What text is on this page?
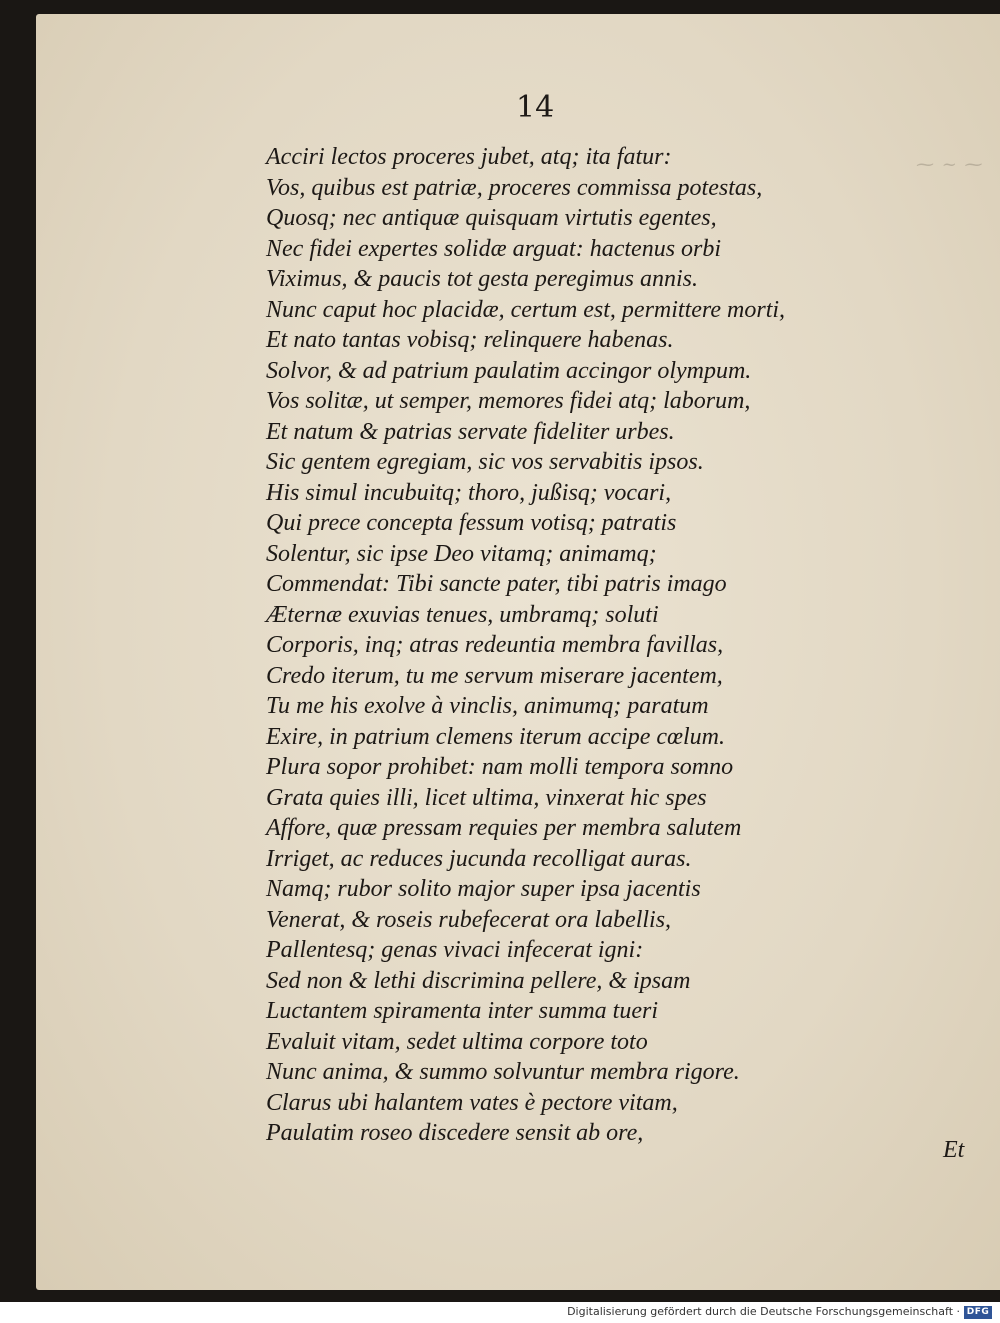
14
⁓ ~ ⁓
Acciri lectos proceres jubet, atq; ita fatur:
Vos, quibus est patriæ, proceres commissa potestas,
Quosq; nec antiquæ quisquam virtutis egentes,
Nec fidei expertes solidæ arguat: hactenus orbi
Viximus, & paucis tot gesta peregimus annis.
Nunc caput hoc placidæ, certum est, permittere morti,
Et nato tantas vobisq; relinquere habenas.
Solvor, & ad patrium paulatim accingor olympum.
Vos solitæ, ut semper, memores fidei atq; laborum,
Et natum & patrias servate fideliter urbes.
Sic gentem egregiam, sic vos servabitis ipsos.
His simul incubuitq; thoro, jußisq; vocari,
Qui prece concepta fessum votisq; patratis
Solentur, sic ipse Deo vitamq; animamq;
Commendat: Tibi sancte pater, tibi patris imago
Æternæ exuvias tenues, umbramq; soluti
Corporis, inq; atras redeuntia membra favillas,
Credo iterum, tu me servum miserare jacentem,
Tu me his exolve à vinclis, animumq; paratum
Exire, in patrium clemens iterum accipe cœlum.
Plura sopor prohibet: nam molli tempora somno
Grata quies illi, licet ultima, vinxerat hic spes
Affore, quæ pressam requies per membra salutem
Irriget, ac reduces jucunda recolligat auras.
Namq; rubor solito major super ipsa jacentis
Venerat, & roseis rubefecerat ora labellis,
Pallentesq; genas vivaci infecerat igni:
Sed non & lethi discrimina pellere, & ipsam
Luctantem spiramenta inter summa tueri
Evaluit vitam, sedet ultima corpore toto
Nunc anima, & summo solvuntur membra rigore.
Clarus ubi halantem vates è pectore vitam,
Paulatim roseo discedere sensit ab ore,
Et
Digitalisierung gefördert durch die Deutsche Forschungsgemeinschaft · DFG
